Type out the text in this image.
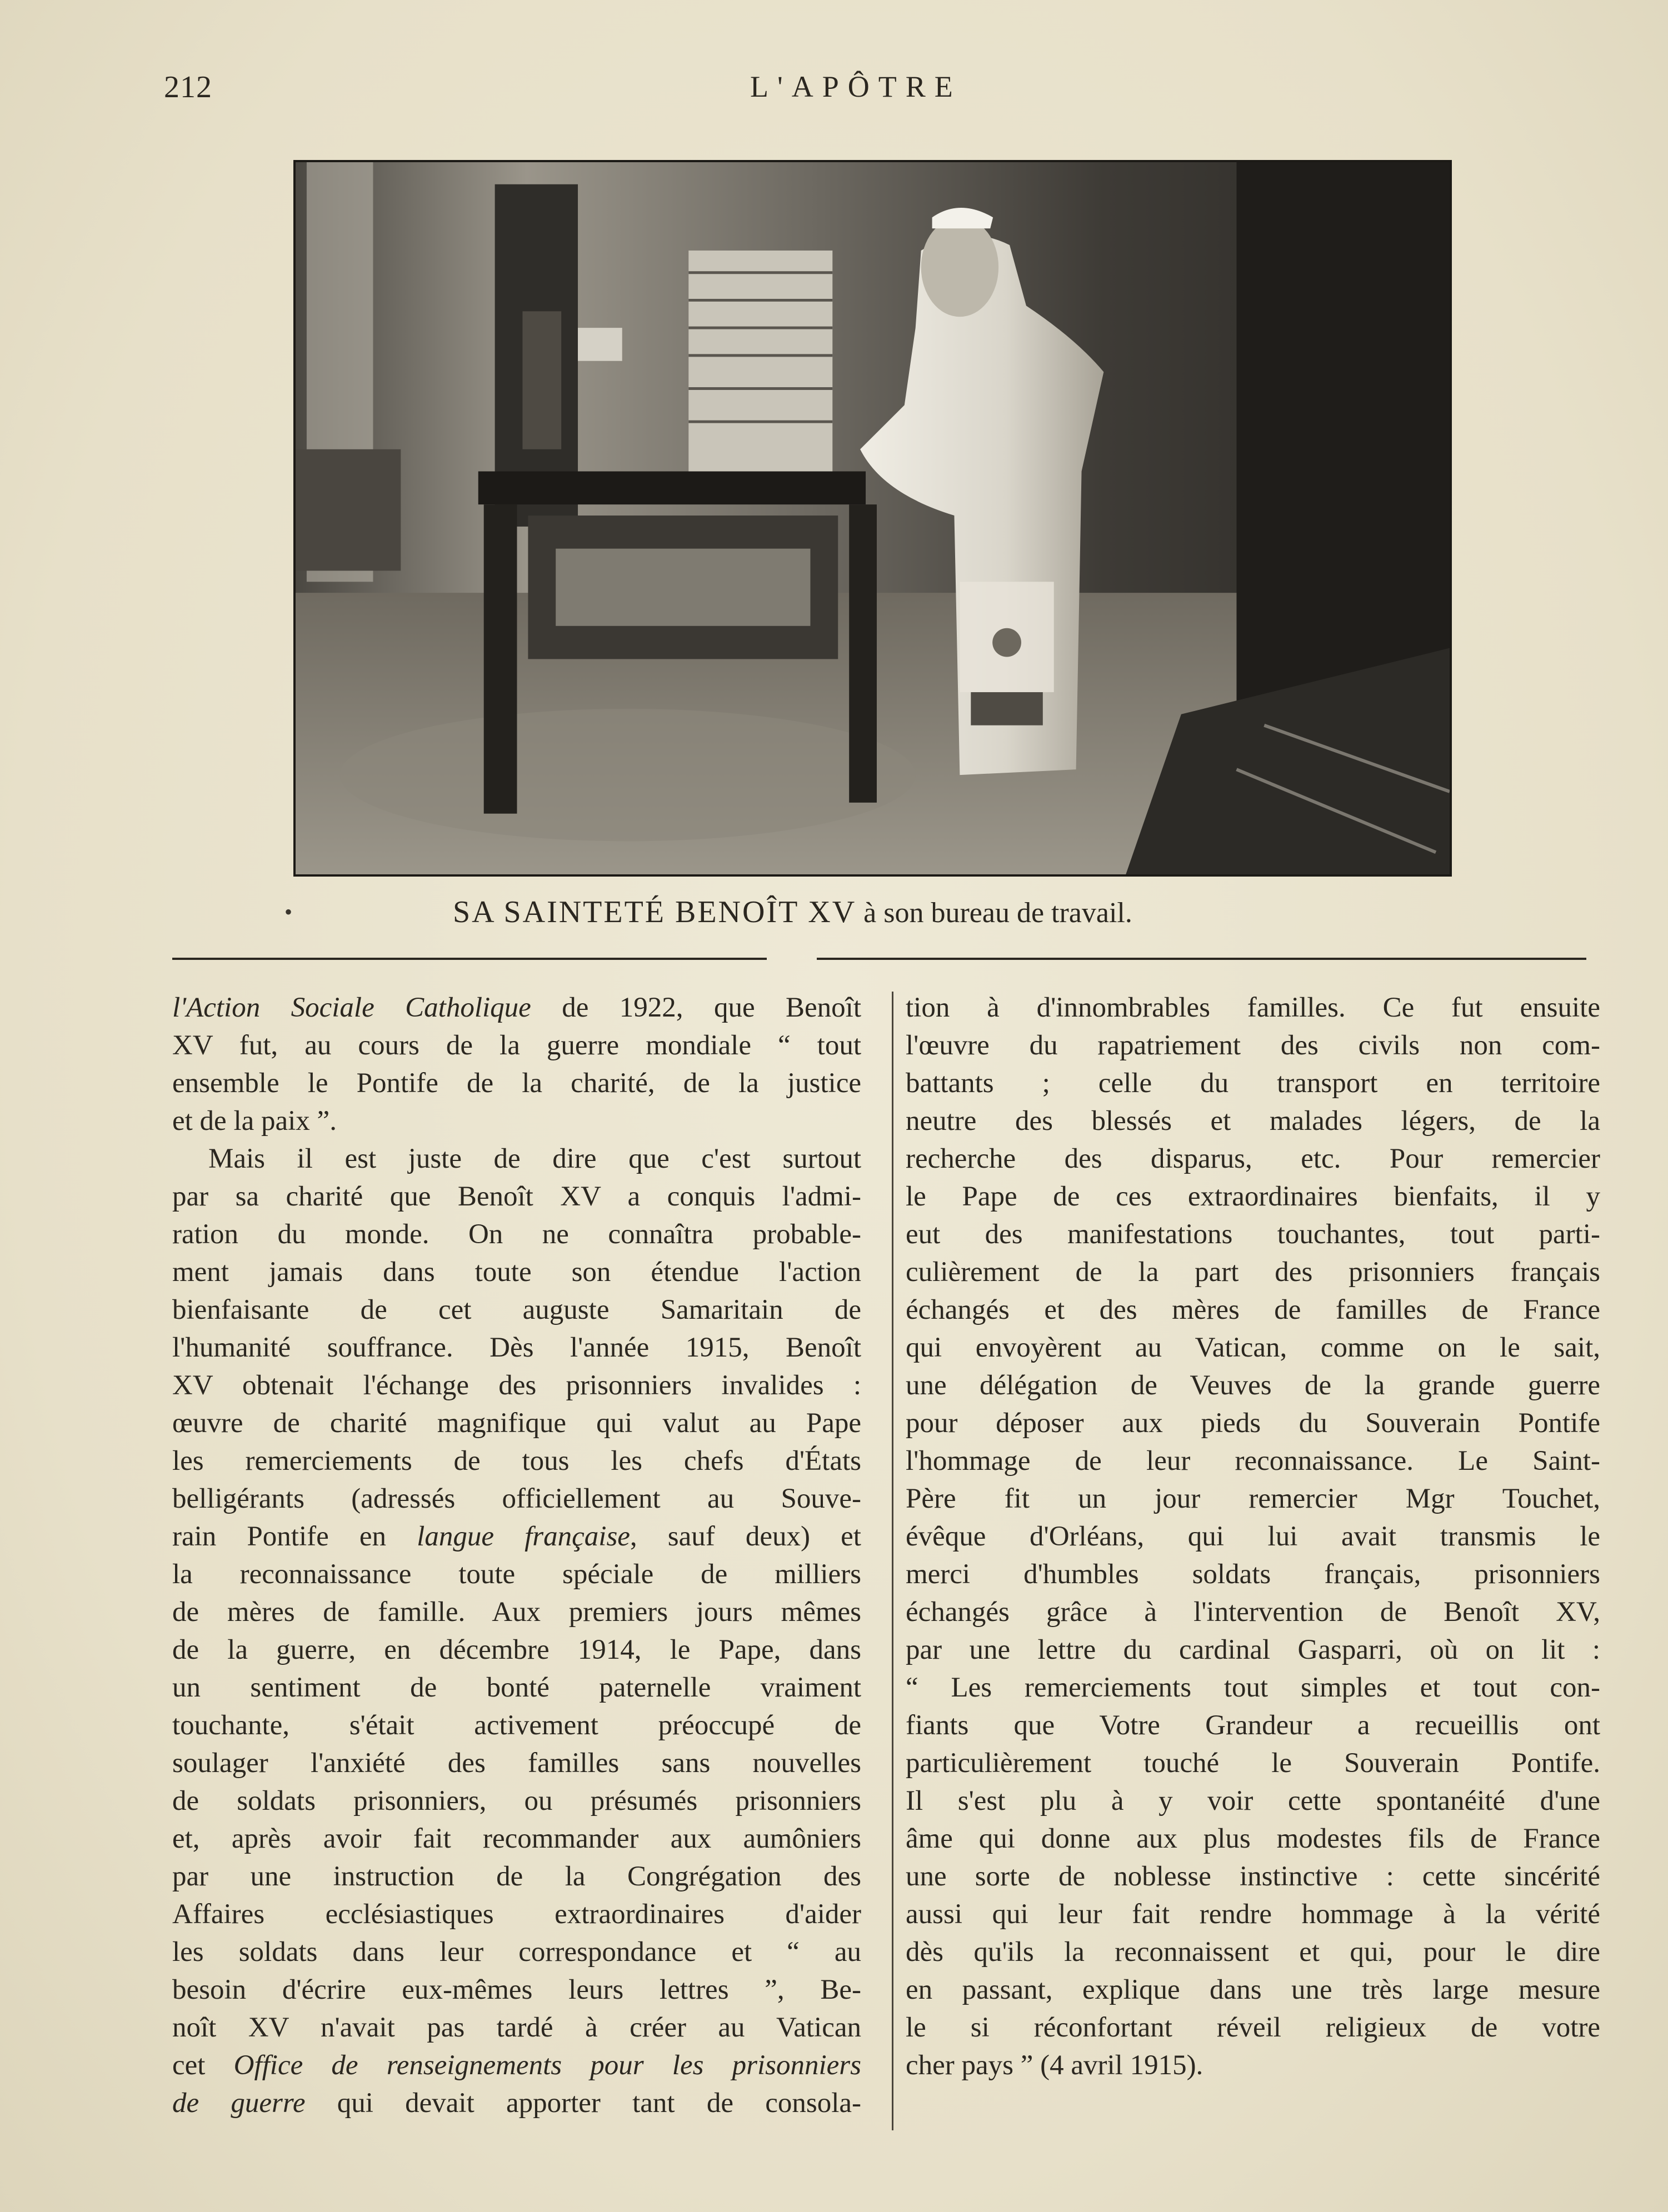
212	L'APÔTRE
•	SA SAINTETÉ BENOÎT XV à son bureau de travail.
l'Action Sociale Catholique de 1922, que Benoît
XV fut, au cours de la guerre mondiale “ tout
ensemble le Pontife de la charité, de la justice
et de la paix ”.
Mais il est juste de dire que c'est surtout
par sa charité que Benoît XV a conquis l'admi-
ration du monde. On ne connaîtra probable-
ment jamais dans toute son étendue l'action
bienfaisante de cet auguste Samaritain de
l'humanité souffrance. Dès l'année 1915, Benoît
XV obtenait l'échange des prisonniers invalides :
œuvre de charité magnifique qui valut au Pape
les remerciements de tous les chefs d'États
belligérants (adressés officiellement au Souve-
rain Pontife en langue française, sauf deux) et
la reconnaissance toute spéciale de milliers
de mères de famille. Aux premiers jours mêmes
de la guerre, en décembre 1914, le Pape, dans
un sentiment de bonté paternelle vraiment
touchante, s'était activement préoccupé de
soulager l'anxiété des familles sans nouvelles
de soldats prisonniers, ou présumés prisonniers
et, après avoir fait recommander aux aumôniers
par une instruction de la Congrégation des
Affaires ecclésiastiques extraordinaires d'aider
les soldats dans leur correspondance et “ au
besoin d'écrire eux-mêmes leurs lettres ”, Be-
noît XV n'avait pas tardé à créer au Vatican
cet Office de renseignements pour les prisonniers
de guerre qui devait apporter tant de consola-
tion à d'innombrables familles. Ce fut ensuite
l'œuvre du rapatriement des civils non com-
battants ; celle du transport en territoire
neutre des blessés et malades légers, de la
recherche des disparus, etc. Pour remercier
le Pape de ces extraordinaires bienfaits, il y
eut des manifestations touchantes, tout parti-
culièrement de la part des prisonniers français
échangés et des mères de familles de France
qui envoyèrent au Vatican, comme on le sait,
une délégation de Veuves de la grande guerre
pour déposer aux pieds du Souverain Pontife
l'hommage de leur reconnaissance. Le Saint-
Père fit un jour remercier Mgr Touchet,
évêque d'Orléans, qui lui avait transmis le
merci d'humbles soldats français, prisonniers
échangés grâce à l'intervention de Benoît XV,
par une lettre du cardinal Gasparri, où on lit :
“ Les remerciements tout simples et tout con-
fiants que Votre Grandeur a recueillis ont
particulièrement touché le Souverain Pontife.
Il s'est plu à y voir cette spontanéité d'une
âme qui donne aux plus modestes fils de France
une sorte de noblesse instinctive : cette sincérité
aussi qui leur fait rendre hommage à la vérité
dès qu'ils la reconnaissent et qui, pour le dire
en passant, explique dans une très large mesure
le si réconfortant réveil religieux de votre
cher pays ” (4 avril 1915).
